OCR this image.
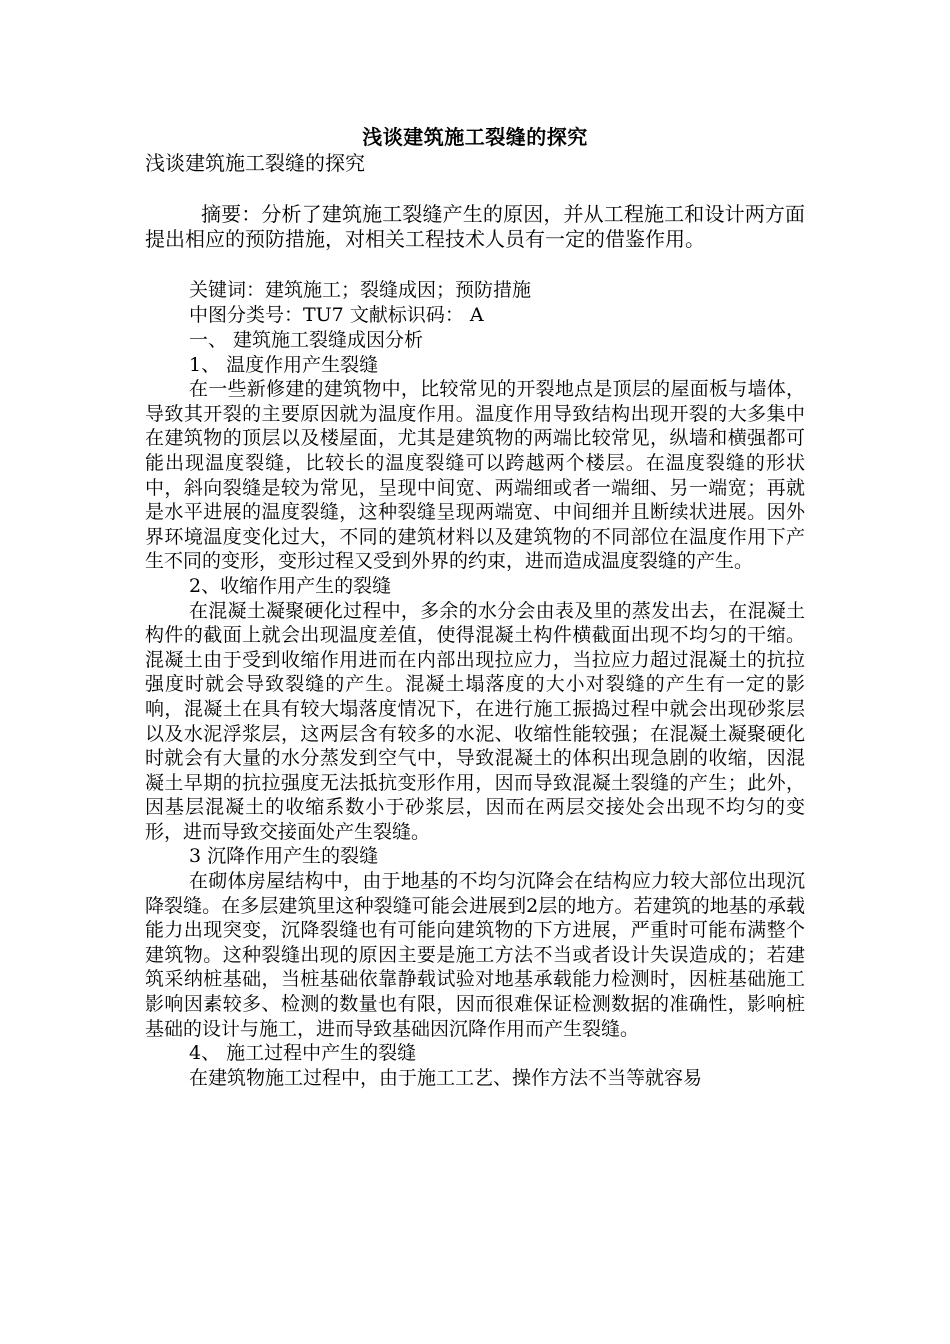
浅谈建筑施工裂缝的探究
浅谈建筑施工裂缝的探究

摘要：分析了建筑施工裂缝产生的原因，并从工程施工和设计两方面提出相应的预防措施，对相关工程技术人员有一定的借鉴作用。

关键词：建筑施工；裂缝成因；预防措施

中图分类号：TU7 文献标识码： A

一、 建筑施工裂缝成因分析

1、 温度作用产生裂缝

在一些新修建的建筑物中，比较常见的开裂地点是顶层的屋面板与墙体，导致其开裂的主要原因就为温度作用。温度作用导致结构出现开裂的大多集中在建筑物的顶层以及楼屋面，尤其是建筑物的两端比较常见，纵墙和横强都可能出现温度裂缝，比较长的温度裂缝可以跨越两个楼层。在温度裂缝的形状中，斜向裂缝是较为常见，呈现中间宽、两端细或者一端细、另一端宽；再就是水平进展的温度裂缝，这种裂缝呈现两端宽、中间细并且断续状进展。因外界环境温度变化过大，不同的建筑材料以及建筑物的不同部位在温度作用下产生不同的变形，变形过程又受到外界的约束，进而造成温度裂缝的产生。

2、收缩作用产生的裂缝

在混凝土凝聚硬化过程中，多余的水分会由表及里的蒸发出去，在混凝土构件的截面上就会出现温度差值，使得混凝土构件横截面出现不均匀的干缩。混凝土由于受到收缩作用进而在内部出现拉应力，当拉应力超过混凝土的抗拉强度时就会导致裂缝的产生。混凝土塌落度的大小对裂缝的产生有一定的影响，混凝土在具有较大塌落度情况下，在进行施工振捣过程中就会出现砂浆层以及水泥浮浆层，这两层含有较多的水泥、收缩性能较强；在混凝土凝聚硬化时就会有大量的水分蒸发到空气中，导致混凝土的体积出现急剧的收缩，因混凝土早期的抗拉强度无法抵抗变形作用，因而导致混凝土裂缝的产生；此外，因基层混凝土的收缩系数小于砂浆层，因而在两层交接处会出现不均匀的变形，进而导致交接面处产生裂缝。

3 沉降作用产生的裂缝

在砌体房屋结构中，由于地基的不均匀沉降会在结构应力较大部位出现沉降裂缝。在多层建筑里这种裂缝可能会进展到2层的地方。若建筑的地基的承载能力出现突变，沉降裂缝也有可能向建筑物的下方进展，严重时可能布满整个建筑物。这种裂缝出现的原因主要是施工方法不当或者设计失误造成的；若建筑采纳桩基础，当桩基础依靠静载试验对地基承载能力检测时，因桩基础施工影响因素较多、检测的数量也有限，因而很难保证检测数据的准确性，影响桩基础的设计与施工，进而导致基础因沉降作用而产生裂缝。

4、 施工过程中产生的裂缝

在建筑物施工过程中，由于施工工艺、操作方法不当等就容易
